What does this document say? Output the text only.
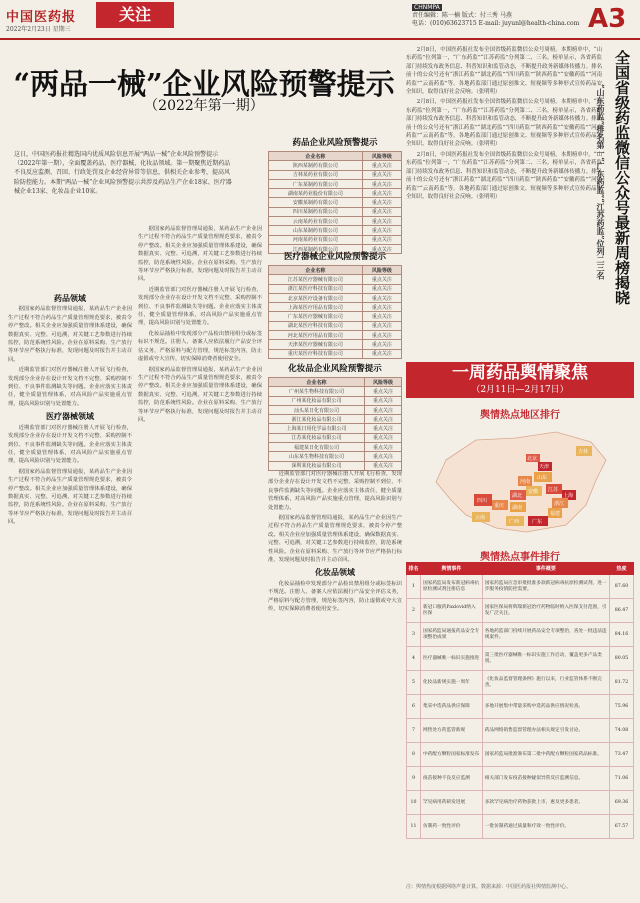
中国医药报
2022年2月23日 星期三
关注	CHNMPA
责任编辑：陈一楠 版式：付三秀 马燕
电话：(010)63623715 E-mail: juyunl@health-china.com A3
“两品一械”企业风险预警提示
（2022年第一期）
这日，中国医药报社精选国内优质风险信息开展“两品一械”企业风险预警提示（2022年第一期），全面覆盖药品、医疗器械、化妆品领域。第一期聚焦近期药品不良反应监测、召回、行政处罚及企业经营异常等信息，供相关企业参考，提高风险防控能力。本期“两品一械”企业风险预警提示共涉及药品生产企业18家、医疗器械企业13家、化妆品企业10家。
药品领域

据国家药品监督管理局通报，某药品生产企业因生产过程不符合药品生产质量管理规范要求，被责令停产整改。相关企业应加强质量管理体系建设，确保数据真实、完整、可追溯，对关键工艺参数进行持续监控，防范系统性风险。企业在原料采购、生产放行等环节应严格执行标准，发现问题及时报告并主动召回。

近期监管部门对医疗器械注册人开展飞行检查，发现部分企业存在设计开发文档不完整、采购控制不到位、不良事件监测缺失等问题。企业应落实主体责任，健全质量管理体系，对高风险产品实施重点管理，提高风险识别与处置能力。

医疗器械领域

近期监管部门对医疗器械注册人开展飞行检查，发现部分企业存在设计开发文档不完整、采购控制不到位、不良事件监测缺失等问题。企业应落实主体责任，健全质量管理体系，对高风险产品实施重点管理，提高风险识别与处置能力。

据国家药品监督管理局通报，某药品生产企业因生产过程不符合药品生产质量管理规范要求，被责令停产整改。相关企业应加强质量管理体系建设，确保数据真实、完整、可追溯，对关键工艺参数进行持续监控，防范系统性风险。企业在原料采购、生产放行等环节应严格执行标准，发现问题及时报告并主动召回。

据国家药品监督管理局通报，某药品生产企业因生产过程不符合药品生产质量管理规范要求，被责令停产整改。相关企业应加强质量管理体系建设，确保数据真实、完整、可追溯，对关键工艺参数进行持续监控，防范系统性风险。企业在原料采购、生产放行等环节应严格执行标准，发现问题及时报告并主动召回。

近期监管部门对医疗器械注册人开展飞行检查，发现部分企业存在设计开发文档不完整、采购控制不到位、不良事件监测缺失等问题。企业应落实主体责任，健全质量管理体系，对高风险产品实施重点管理，提高风险识别与处置能力。

化妆品抽检中发现部分产品检出禁用组分或标签标识不规范。注册人、备案人应依法履行产品安全评估义务，严格原料与配方管理，规范标签内容，防止虚假或夸大宣传，切实保障消费者使用安全。

据国家药品监督管理局通报，某药品生产企业因生产过程不符合药品生产质量管理规范要求，被责令停产整改。相关企业应加强质量管理体系建设，确保数据真实、完整、可追溯，对关键工艺参数进行持续监控，防范系统性风险。企业在原料采购、生产放行等环节应严格执行标准，发现问题及时报告并主动召回。

药品企业风险预警提示
企业名称	风险等级
陕西某制药有限公司	重点关注
吉林某药业有限公司	重点关注
广东某制药有限公司	重点关注
湖南某药业股份有限公司	重点关注
安徽某制药有限公司	重点关注
四川某制药有限公司	重点关注
云南某药业有限公司	重点关注
山东某制药有限公司	重点关注
河南某药业有限公司	重点关注
江西某制药有限公司	重点关注
医疗器械企业风险预警提示
企业名称	风险等级
江苏某医疗器械有限公司	重点关注
浙江某医疗科技有限公司	重点关注
北京某医疗设备有限公司	重点关注
上海某医疗用品有限公司	重点关注
广东某医疗器械有限公司	重点关注
湖北某医疗科技有限公司	重点关注
河北某医疗用品有限公司	重点关注
天津某医疗器械有限公司	重点关注
重庆某医疗科技有限公司	重点关注
化妆品企业风险预警提示
企业名称	风险等级
广州某生物科技有限公司	重点关注
广州某化妆品有限公司	重点关注
汕头某日化有限公司	重点关注
浙江某化妆品有限公司	重点关注
上海某日用化学品有限公司	重点关注
江苏某化妆品有限公司	重点关注
福建某日化有限公司	重点关注
山东某生物科技有限公司	重点关注
深圳某化妆品有限公司	重点关注

近期监管部门对医疗器械注册人开展飞行检查，发现部分企业存在设计开发文档不完整、采购控制不到位、不良事件监测缺失等问题。企业应落实主体责任，健全质量管理体系，对高风险产品实施重点管理，提高风险识别与处置能力。

据国家药品监督管理局通报，某药品生产企业因生产过程不符合药品生产质量管理规范要求，被责令停产整改。相关企业应加强质量管理体系建设，确保数据真实、完整、可追溯，对关键工艺参数进行持续监控，防范系统性风险。企业在原料采购、生产放行等环节应严格执行标准，发现问题及时报告并主动召回。

化妆品领域

化妆品抽检中发现部分产品检出禁用组分或标签标识不规范。注册人、备案人应依法履行产品安全评估义务，严格原料与配方管理，规范标签内容，防止虚假或夸大宣传，切实保障消费者使用安全。

2月8日，中国医药报社发布全国省级药监微信公众号周榜。本期榜单中，“山东药监”位列第一，“广东药监”“江苏药监”分列第二、三名。榜单显示，各省药监部门持续发布政务信息、科普知识和监管动态，不断提升政务新媒体传播力。排名前十的公众号还有“浙江药监”“湖北药监”“四川药监”“陕西药监”“安徽药监”“河南药监”“云南药监”等。各地药监部门通过原创推文、短视频等多种形式宣传药品安全知识，取得良好社会反响。（张明明）

2月8日，中国医药报社发布全国省级药监微信公众号周榜。本期榜单中，“山东药监”位列第一，“广东药监”“江苏药监”分列第二、三名。榜单显示，各省药监部门持续发布政务信息、科普知识和监管动态，不断提升政务新媒体传播力。排名前十的公众号还有“浙江药监”“湖北药监”“四川药监”“陕西药监”“安徽药监”“河南药监”“云南药监”等。各地药监部门通过原创推文、短视频等多种形式宣传药品安全知识，取得良好社会反响。（张明明）

2月8日，中国医药报社发布全国省级药监微信公众号周榜。本期榜单中，“山东药监”位列第一，“广东药监”“江苏药监”分列第二、三名。榜单显示，各省药监部门持续发布政务信息、科普知识和监管动态，不断提升政务新媒体传播力。排名前十的公众号还有“浙江药监”“湖北药监”“四川药监”“陕西药监”“安徽药监”“河南药监”“云南药监”等。各地药监部门通过原创推文、短视频等多种形式宣传药品安全知识，取得良好社会反响。（张明明）	全国省级药监微信公众号最新周榜揭晓
“山东药监”排名第一“广东药监”“江苏药监”位列二三名
一周药品舆情聚焦
（2月11日—2月17日）
舆情热点地区排行
北京
天津
山东
江苏
上海
浙江
广东
安徽
湖北
湖南
四川
重庆
广西
福建
河南
云南
吉林
舆情热点事件排行
排名	舆情事件	事件概要	热度
1	国家药监局发布新冠病毒抗原检测试剂注册信息	国家药监局应急审批批准多款新冠病毒抗原检测试剂，进一步服务疫情防控需要。	87.60
2	新冠口服药Paxlovid纳入医保	国家医保局将辉瑞新冠治疗药物临时纳入医保支付范围，引发广泛关注。	86.47
3	国家药监局通报药品安全专项整治成果	各地药监部门持续开展药品安全专项整治，查处一批违法违规案件。	84.16
4	医疗器械唯一标识实施推进	第三批医疗器械唯一标识实施工作启动，覆盖更多产品类别。	80.05
5	化妆品新规实施一周年	《化妆品监督管理条例》施行以来，行业监管体系不断完善。	81.72
6	集采中选药品供应保障	多地开展集中带量采购中选药品供应情况检查。	75.96
7	网售处方药监管新规	药品网络销售监督管理办法相关规定引发讨论。	74.08
8	中药配方颗粒国家标准发布	国家药监局批准颁布第二批中药配方颗粒国家药品标准。	73.47
9	疫苗接种不良反应监测	相关部门发布疫苗接种疑似异常反应监测信息。	71.06
10	罕见病用药研发进展	多款罕见病治疗药物获批上市，惠及更多患者。	69.36
11	仿制药一致性评价	一批仿制药通过质量和疗效一致性评价。	67.57
注：舆情热度根据网络声量计算。数据来源：中国医药报社舆情监测中心。
